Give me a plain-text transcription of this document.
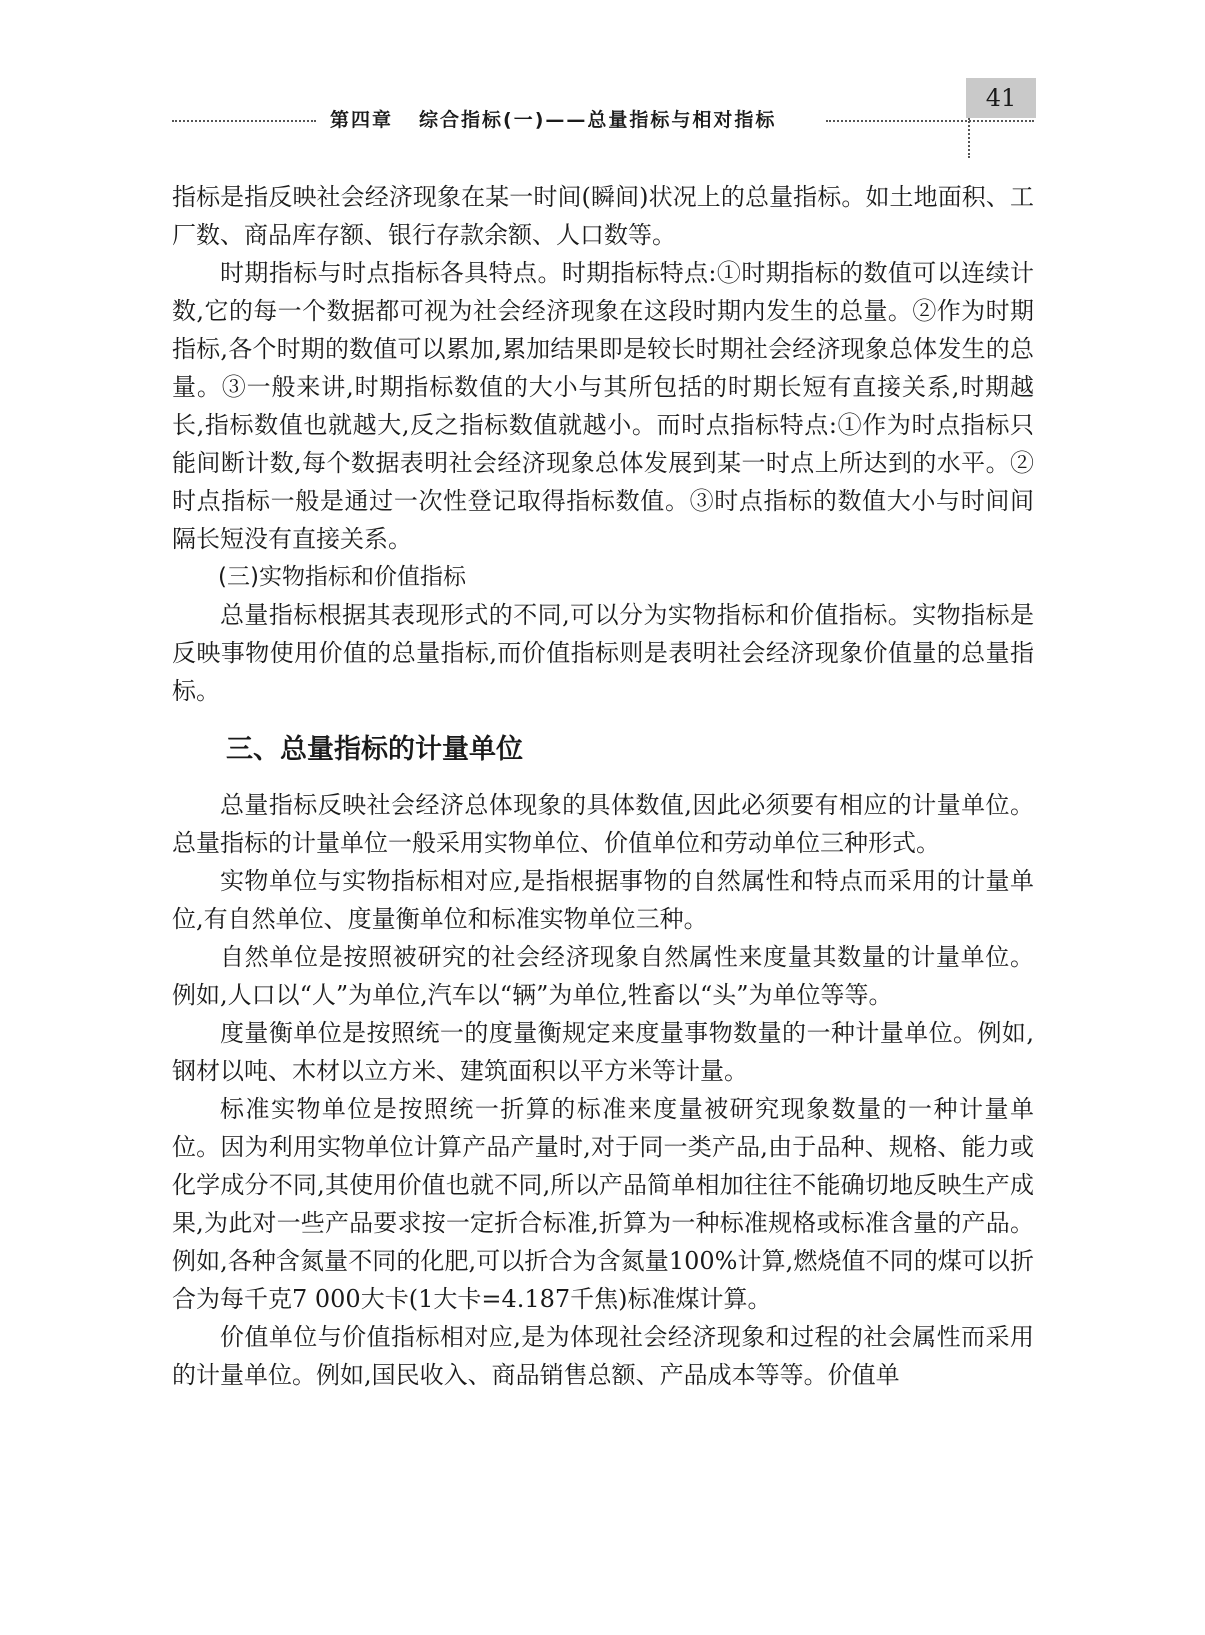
第四章 综合指标(一)——总量指标与相对指标
41

指标是指反映社会经济现象在某一时间(瞬间)状况上的总量指标。如土地面积、工厂数、商品库存额、银行存款余额、人口数等。

时期指标与时点指标各具特点。时期指标特点:①时期指标的数值可以连续计数,它的每一个数据都可视为社会经济现象在这段时期内发生的总量。②作为时期指标,各个时期的数值可以累加,累加结果即是较长时期社会经济现象总体发生的总量。③一般来讲,时期指标数值的大小与其所包括的时期长短有直接关系,时期越长,指标数值也就越大,反之指标数值就越小。而时点指标特点:①作为时点指标只能间断计数,每个数据表明社会经济现象总体发展到某一时点上所达到的水平。②时点指标一般是通过一次性登记取得指标数值。③时点指标的数值大小与时间间隔长短没有直接关系。

(三)实物指标和价值指标

总量指标根据其表现形式的不同,可以分为实物指标和价值指标。实物指标是反映事物使用价值的总量指标,而价值指标则是表明社会经济现象价值量的总量指标。

三、总量指标的计量单位

总量指标反映社会经济总体现象的具体数值,因此必须要有相应的计量单位。总量指标的计量单位一般采用实物单位、价值单位和劳动单位三种形式。

实物单位与实物指标相对应,是指根据事物的自然属性和特点而采用的计量单位,有自然单位、度量衡单位和标准实物单位三种。

自然单位是按照被研究的社会经济现象自然属性来度量其数量的计量单位。例如,人口以“人”为单位,汽车以“辆”为单位,牲畜以“头”为单位等等。

度量衡单位是按照统一的度量衡规定来度量事物数量的一种计量单位。例如,钢材以吨、木材以立方米、建筑面积以平方米等计量。

标准实物单位是按照统一折算的标准来度量被研究现象数量的一种计量单位。因为利用实物单位计算产品产量时,对于同一类产品,由于品种、规格、能力或化学成分不同,其使用价值也就不同,所以产品简单相加往往不能确切地反映生产成果,为此对一些产品要求按一定折合标准,折算为一种标准规格或标准含量的产品。例如,各种含氮量不同的化肥,可以折合为含氮量100%计算,燃烧值不同的煤可以折合为每千克7 000大卡(1大卡=4.187千焦)标准煤计算。

价值单位与价值指标相对应,是为体现社会经济现象和过程的社会属性而采用的计量单位。例如,国民收入、商品销售总额、产品成本等等。价值单
